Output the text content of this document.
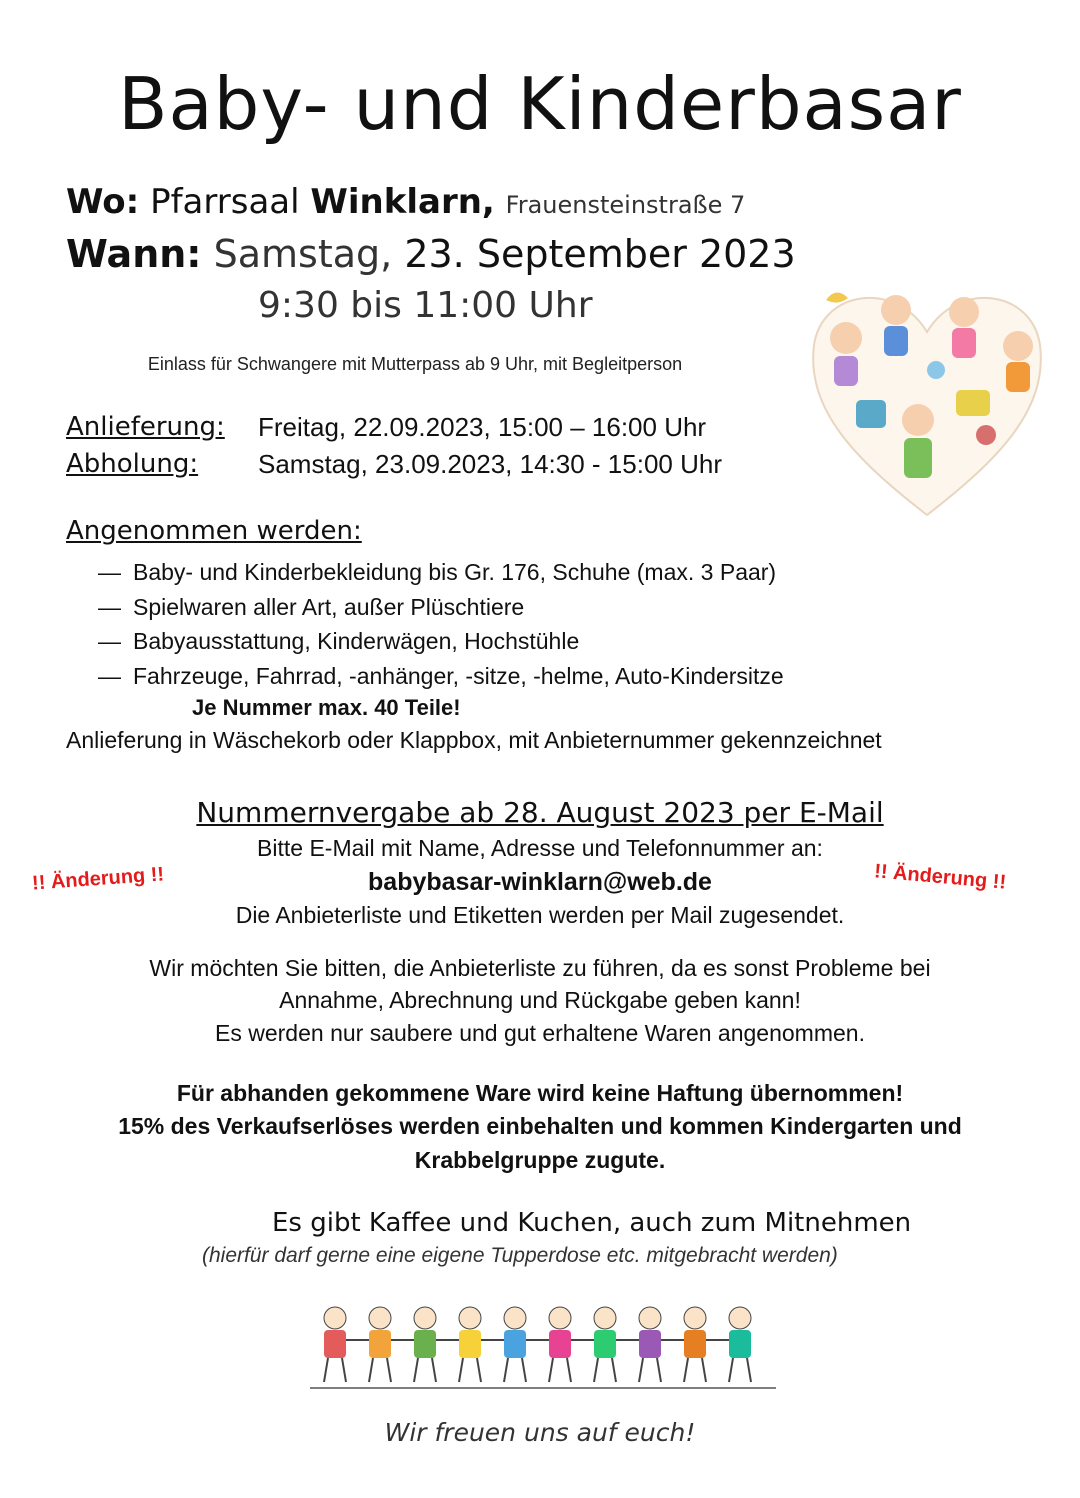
Baby- und Kinderbasar
Wo: Pfarrsaal Winklarn, Frauensteinstraße 7
Wann: Samstag, 23. September 2023
9:30 bis 11:00 Uhr
Einlass für Schwangere mit Mutterpass ab 9 Uhr, mit Begleitperson
Anlieferung: Freitag, 22.09.2023, 15:00 – 16:00 Uhr
Abholung: Samstag, 23.09.2023, 14:30 - 15:00 Uhr
Angenommen werden:
— Baby- und Kinderbekleidung bis Gr. 176, Schuhe (max. 3 Paar)
— Spielwaren aller Art, außer Plüschtiere
— Babyausstattung, Kinderwägen, Hochstühle
— Fahrzeuge, Fahrrad, -anhänger, -sitze, -helme, Auto-Kindersitze
Je Nummer max. 40 Teile!
Anlieferung in Wäschekorb oder Klappbox, mit Anbieternummer gekennzeichnet
Nummernvergabe ab 28. August 2023 per E-Mail
Bitte E-Mail mit Name, Adresse und Telefonnummer an:
!! Änderung !!	babybasar-winklarn@web.de	!! Änderung !!
Die Anbieterliste und Etiketten werden per Mail zugesendet.
Wir möchten Sie bitten, die Anbieterliste zu führen, da es sonst Probleme bei
Annahme, Abrechnung und Rückgabe geben kann!
Es werden nur saubere und gut erhaltene Waren angenommen.
Für abhanden gekommene Ware wird keine Haftung übernommen!
15% des Verkaufserlöses werden einbehalten und kommen Kindergarten und
Krabbelgruppe zugute.
Es gibt Kaffee und Kuchen, auch zum Mitnehmen
(hierfür darf gerne eine eigene Tupperdose etc. mitgebracht werden)
Wir freuen uns auf euch!
